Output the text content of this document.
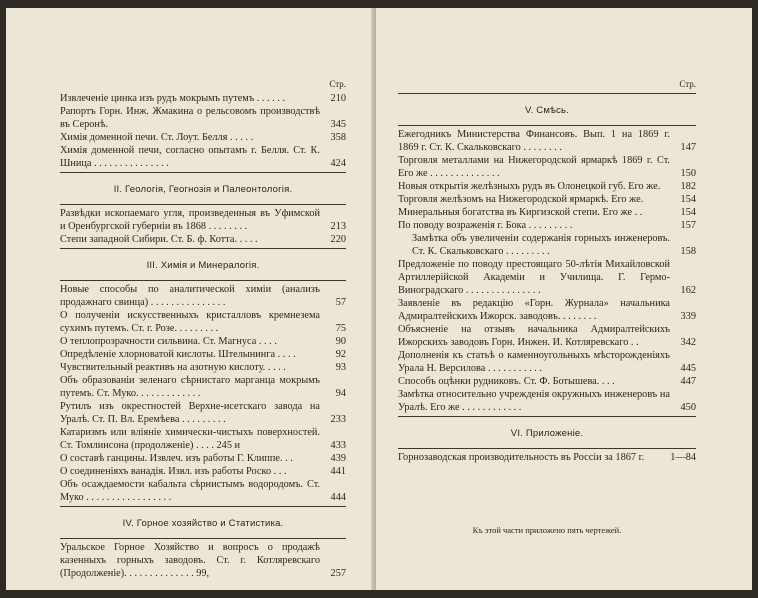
Стр.
Извлеченіе цинка изъ рудъ мокрымъ путемъ . . . . . .	210
Рапортъ Горн. Инж. Жмакина о рельсовомъ производствѣ въ Серонѣ.	345
Химія доменной печи. Ст. Лоут. Белля . . . . .	358
Химія доменной печи, согласно опытамъ г. Белля. Ст. К. Шница . . . . . . . . . . . . . . .	424
II. Геологія, Геогнозія и Палеонтологія.
Развѣдки ископаемаго угля, произведенныя въ Уфимской и Оренбургской губерніи въ 1868 . . . . . . . .	213
Степи западной Сибири. Ст. Б. ф. Котта. . . . .	220
III. Химія и Минералогія.
Новые способы по аналитической химіи (анализъ продажнаго свинца) . . . . . . . . . . . . . . .	57
О полученіи искусственныхъ кристалловъ кремнезема сухимъ путемъ. Ст. г. Розе. . . . . . . . .	75
О теплопрозрачности сильвина. Ст. Магнуса . . . .	90
Опредѣленіе хлорноватой кислоты. Штелынинга . . . .	92
Чувствительный реактивъ на азотную кислоту. . . . .	93
Объ образованіи зеленаго сѣрнистаго марганца мокрымъ путемъ. Ст. Муко. . . . . . . . . . . . .	94
Рутилъ изъ окрестностей Верхне-исетскаго завода на Уралѣ. Ст. П. Вл. Еремѣева . . . . . . . . .	233
Катаризмъ или вліяніе химически-чистыхъ поверхностей. Ст. Томлинсона (продолженіе) . . . . 245 и	433
О составѣ ганцины. Извлеч. изъ работы Г. Клиппе. . .	439
О соединеніяхъ ванадія. Извл. изъ работы Роско . . .	441
Объ осаждаемости кабальта сѣрнистымъ водородомъ. Ст. Муко . . . . . . . . . . . . . . . . .	444
IV. Горное хозяйство и Статистика.
Уральское Горное Хозяйство и вопросъ о продажѣ казенныхъ горныхъ заводовъ. Ст. г. Котляревскаго (Продолженіе). . . . . . . . . . . . . . 99,	257
Стр.
V. Смѣсь.
Ежегодникъ Министерства Финансовъ. Вып. 1 на 1869 г. 1869 г. Ст. К. Скальковскаго . . . . . . . .	147
Торговля металлами на Нижегородской ярмаркѣ 1869 г. Ст. Его же . . . . . . . . . . . . . .	150
Новыя открытія желѣзныхъ рудъ въ Олонецкой губ. Его же. 182
Торговля желѣзомъ на Нижегородской ярмаркѣ. Его же.	154
Минеральныя богатства въ Киргизской степи. Его же . .	154
По поводу возраженія г. Бока . . . . . . . . .	157
Замѣтка объ увеличеніи содержанія горныхъ инженеровъ. Ст. К. Скальковскаго . . . . . . . . .	158
Предложеніе по поводу престоящаго 50-лѣтія Михайловской Артиллерійской Академіи и Училища. Г. Гермо-Виноградскаго . . . . . . . . . . . . . . .	162
Заявленіе въ редакцію «Горн. Журнала» начальника Адмиралтейскихъ Ижорск. заводовъ. . . . . . . .	339
Объясненіе на отзывъ начальника Адмиралтейскихъ Ижорскихъ заводовъ Горн. Инжен. И. Котляревскаго . .	342
Дополненія къ статьѣ о каменноугольныхъ мѣсторожденіяхъ Урала Н. Версилова . . . . . . . . . . .	445
Способъ оцѣнки рудниковъ. Ст. Ф. Ботышева. . . .	447
Замѣтка относительно учрежденія окружныхъ инженеровъ на Уралѣ. Его же . . . . . . . . . . . .	450
VI. Приложеніе.
Горнозаводская производительность въ Россіи за 1867 г.	1—84
Къ этой части приложено пять чертежей.
